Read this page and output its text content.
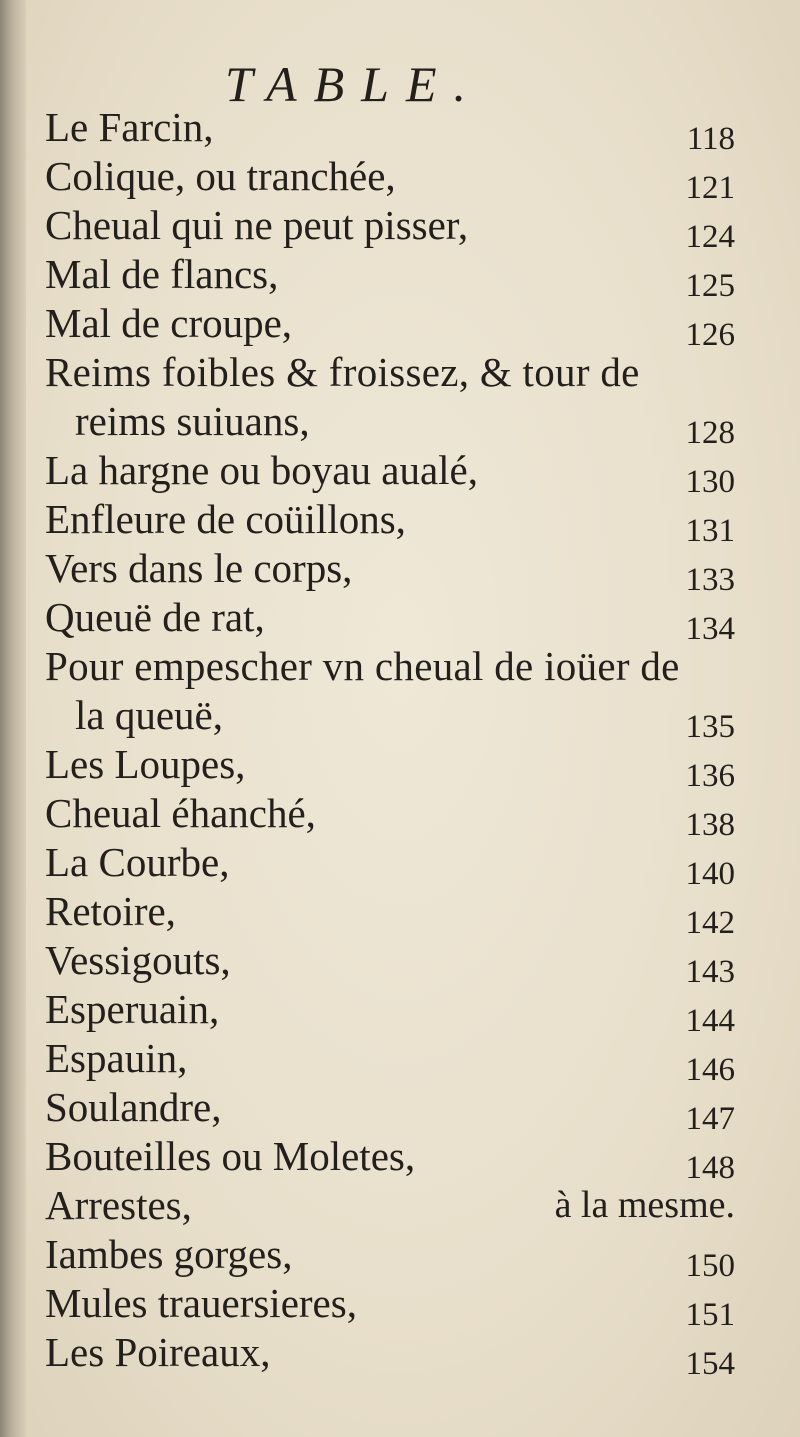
TABLE.
Le Farcin,	118
Colique, ou tranchée,	121
Cheual qui ne peut pisser,	124
Mal de flancs,	125
Mal de croupe,	126
Reims foibles & froissez, & tour de
reims suiuans,	128
La hargne ou boyau aualé,	130
Enfleure de coüillons,	131
Vers dans le corps,	133
Queuë de rat,	134
Pour empescher vn cheual de ioüer de
la queuë,	135
Les Loupes,	136
Cheual éhanché,	138
La Courbe,	140
Retoire,	142
Vessigouts,	143
Esperuain,	144
Espauin,	146
Soulandre,	147
Bouteilles ou Moletes,	148
Arrestes,	à la mesme.
Iambes gorges,	150
Mules trauersieres,	151
Les Poireaux,	154
